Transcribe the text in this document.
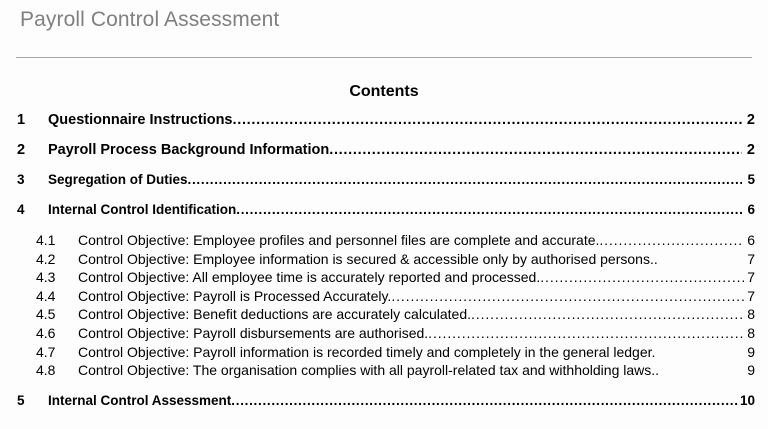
Payroll Control Assessment
Contents
1	Questionnaire Instructions .....	2
2	Payroll Process Background Information .....	2
3	Segregation of Duties .....	5
4	Internal Control Identification .....	6
4.1	Control Objective: Employee profiles and personnel files are complete and accurate. .....	6
4.2	Control Objective: Employee information is secured & accessible only by authorised persons..	7
4.3	Control Objective: All employee time is accurately reported and processed. .....	7
4.4	Control Objective: Payroll is Processed Accurately. .....	7
4.5	Control Objective: Benefit deductions are accurately calculated. .....	8
4.6	Control Objective: Payroll disbursements are authorised. .....	8
4.7	Control Objective: Payroll information is recorded timely and completely in the general ledger.	9
4.8	Control Objective: The organisation complies with all payroll-related tax and withholding laws..	9
5	Internal Control Assessment .....	10
